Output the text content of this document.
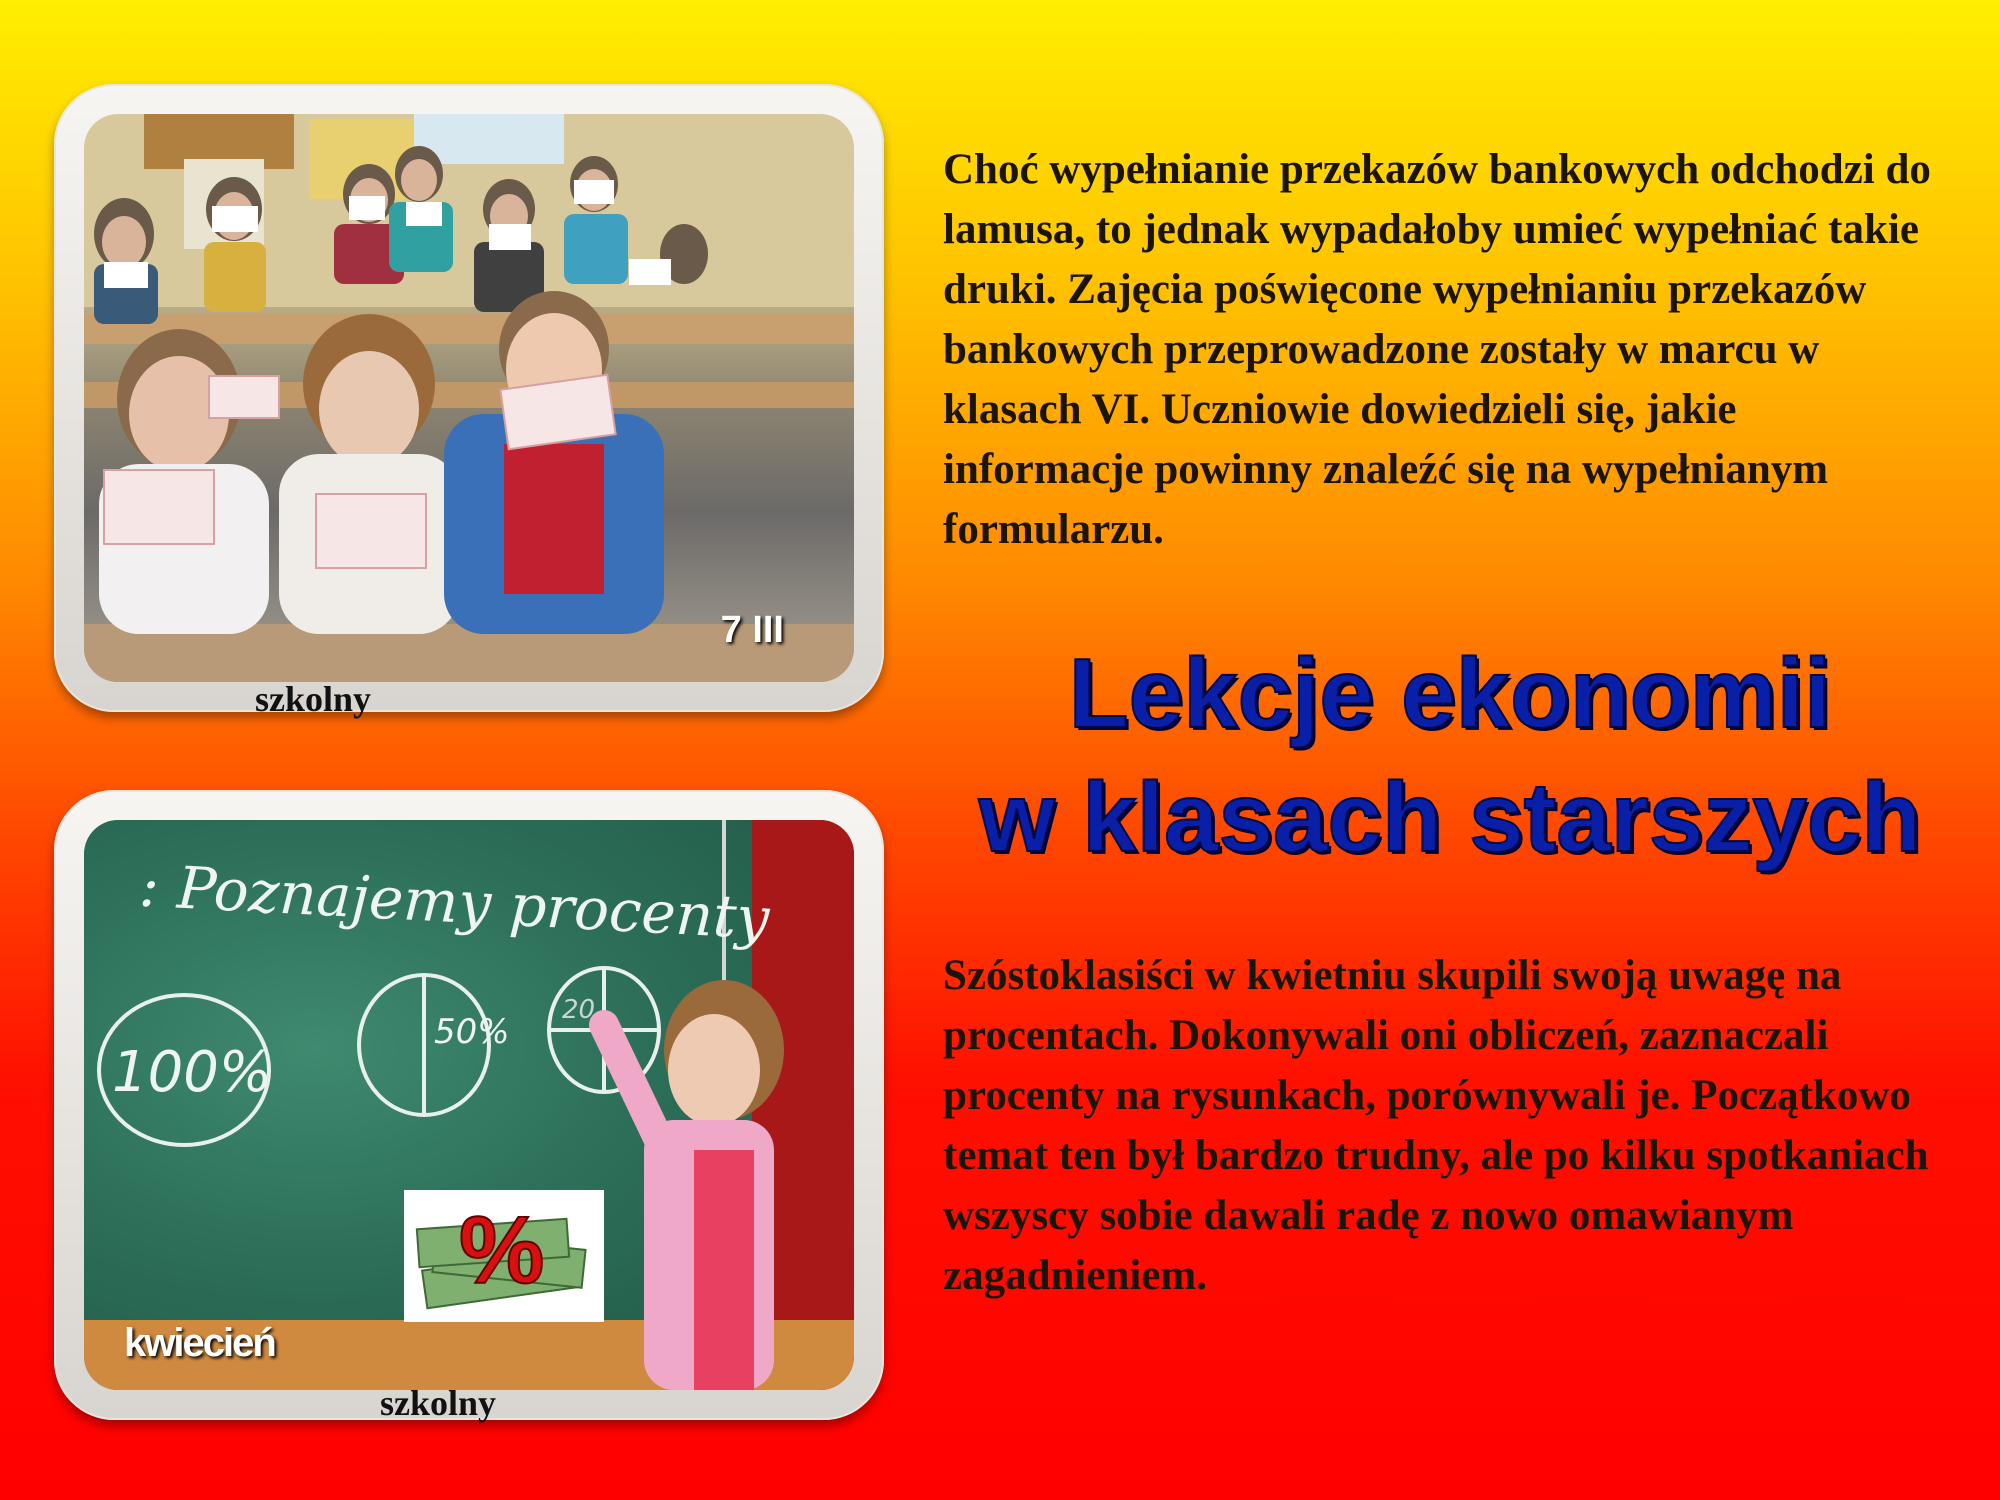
7 III
szkolny
: Poznajemy procenty
100%
50%
20
%
kwiecień
szkolny

Choć wypełnianie przekazów bankowych odchodzi do lamusa, to jednak wypadałoby umieć wypełniać takie druki. Zajęcia poświęcone wypełnianiu przekazów bankowych przeprowadzone zostały w marcu w klasach VI. Uczniowie dowiedzieli się, jakie informacje powinny znaleźć się na wypełnianym formularzu.

Lekcje ekonomii
w klasach starszych

Szóstoklasiści w kwietniu skupili swoją uwagę na procentach. Dokonywali oni obliczeń, zaznaczali procenty na rysunkach, porównywali je. Początkowo temat ten był bardzo trudny, ale po kilku spotkaniach wszyscy sobie dawali radę z nowo omawianym zagadnieniem.
